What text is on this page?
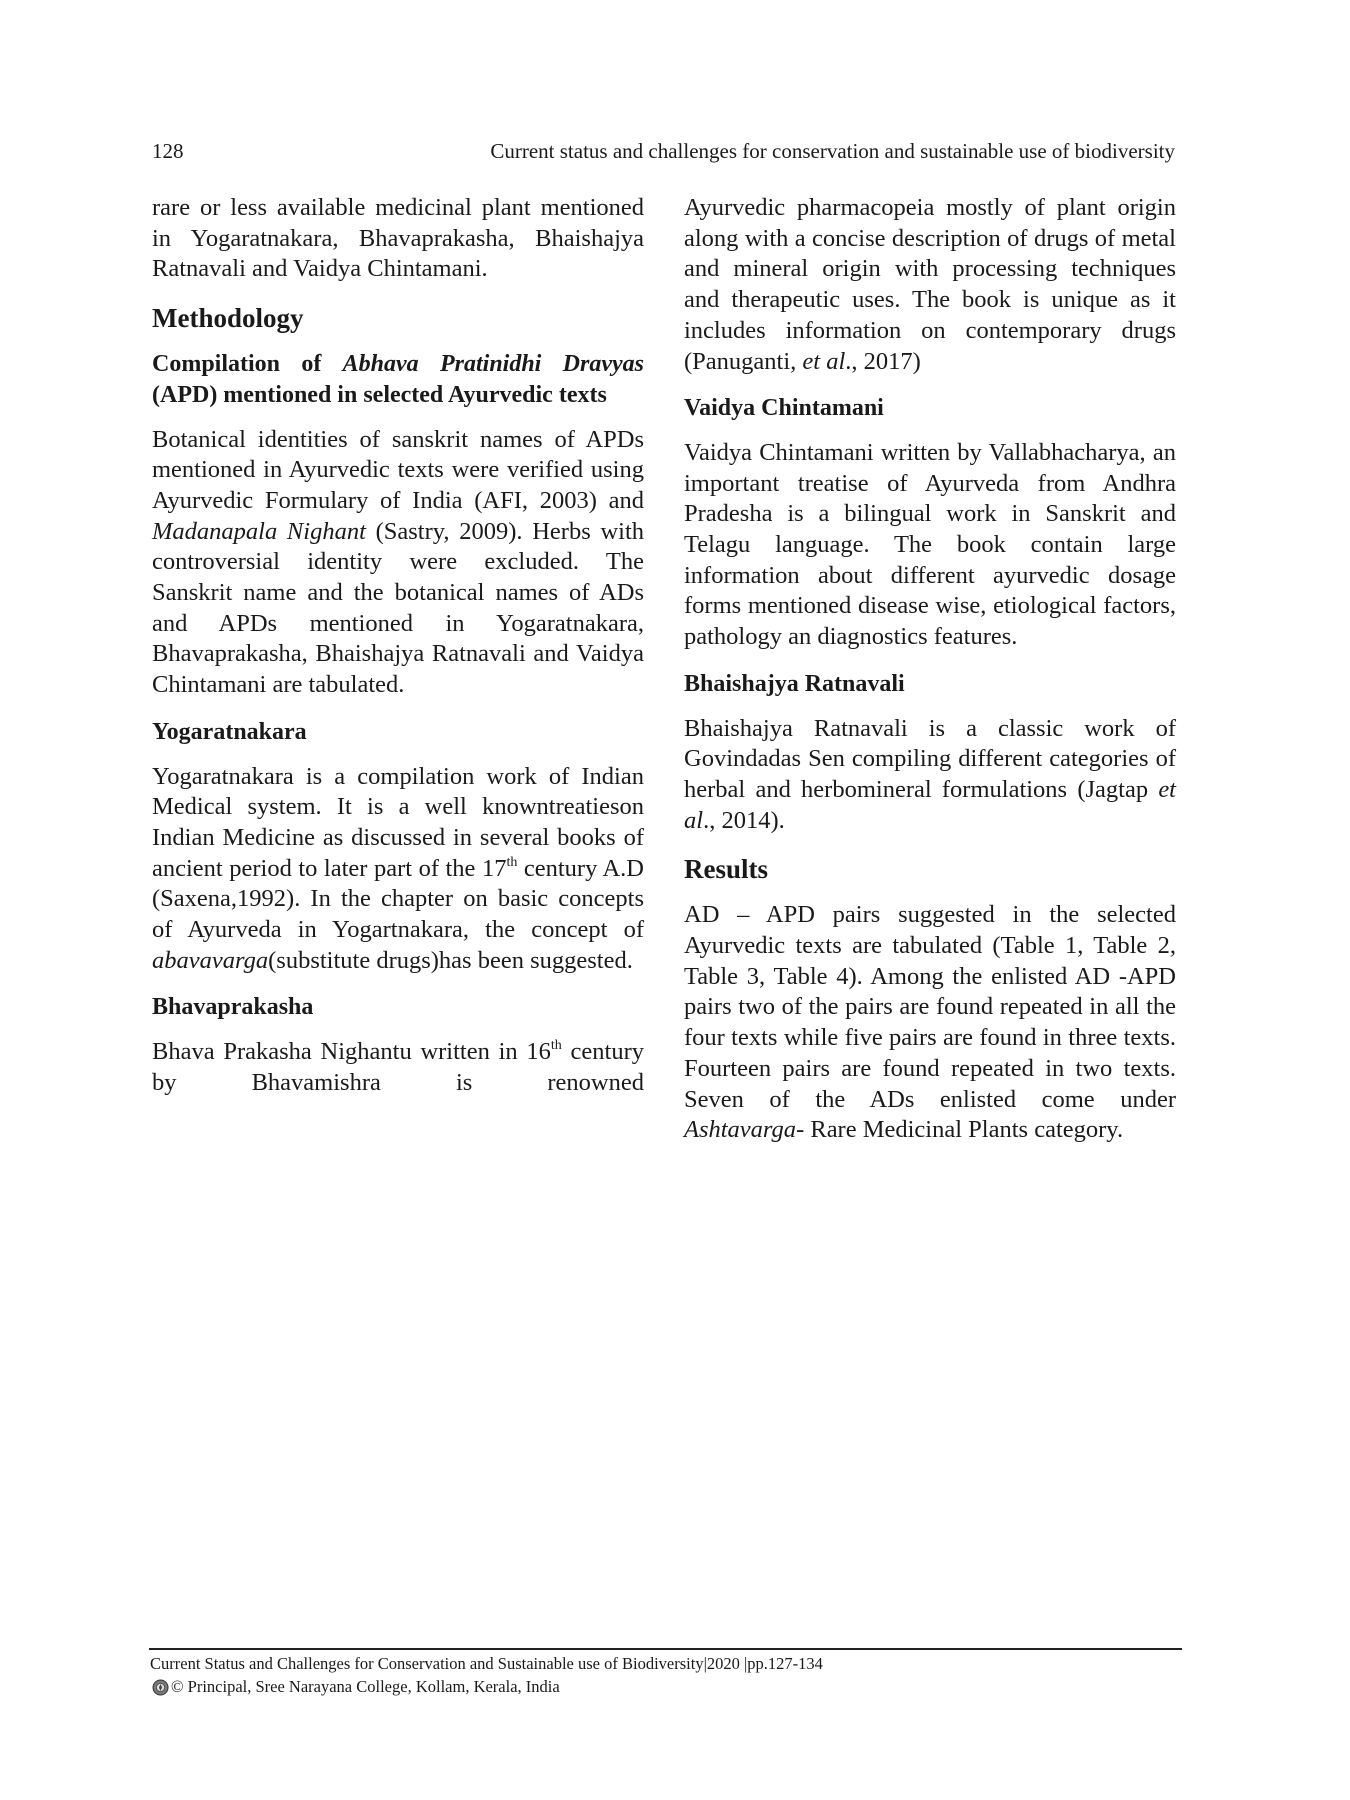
128	Current status and challenges for conservation and sustainable use of biodiversity

rare or less available medicinal plant mentioned in Yogaratnakara, Bhavaprakasha, Bhaishajya Ratnavali and Vaidya Chintamani.

Methodology
Compilation of Abhava Pratinidhi Dravyas (APD) mentioned in selected Ayurvedic texts

Botanical identities of sanskrit names of APDs mentioned in Ayurvedic texts were verified using Ayurvedic Formulary of India (AFI, 2003) and Madanapala Nighant (Sastry, 2009). Herbs with controversial identity were excluded. The Sanskrit name and the botanical names of ADs and APDs mentioned in Yogaratnakara, Bhavaprakasha, Bhaishajya Ratnavali and Vaidya Chintamani are tabulated.

Yogaratnakara

Yogaratnakara is a compilation work of Indian Medical system. It is a well knowntreatieson Indian Medicine as discussed in several books of ancient period to later part of the 17th century A.D (Saxena,1992). In the chapter on basic concepts of Ayurveda in Yogartnakara, the concept of abavavarga(substitute drugs)has been suggested.

Bhavaprakasha

Bhava Prakasha Nighantu written in 16th century by Bhavamishra is renowned

Ayurvedic pharmacopeia mostly of plant origin along with a concise description of drugs of metal and mineral origin with processing techniques and therapeutic uses. The book is unique as it includes information on contemporary drugs (Panuganti, et al., 2017)

Vaidya Chintamani

Vaidya Chintamani written by Vallabhacharya, an important treatise of Ayurveda from Andhra Pradesha is a bilingual work in Sanskrit and Telagu language. The book contain large information about different ayurvedic dosage forms mentioned disease wise, etiological factors, pathology an diagnostics features.

Bhaishajya Ratnavali

Bhaishajya Ratnavali is a classic work of Govindadas Sen compiling different categories of herbal and herbomineral formulations (Jagtap et al., 2014).

Results

AD – APD pairs suggested in the selected Ayurvedic texts are tabulated (Table 1, Table 2, Table 3, Table 4). Among the enlisted AD -APD pairs two of the pairs are found repeated in all the four texts while five pairs are found in three texts. Fourteen pairs are found repeated in two texts. Seven of the ADs enlisted come under Ashtavarga- Rare Medicinal Plants category.

Current Status and Challenges for Conservation and Sustainable use of Biodiversity|2020 |pp.127-134
© Principal, Sree Narayana College, Kollam, Kerala, India
